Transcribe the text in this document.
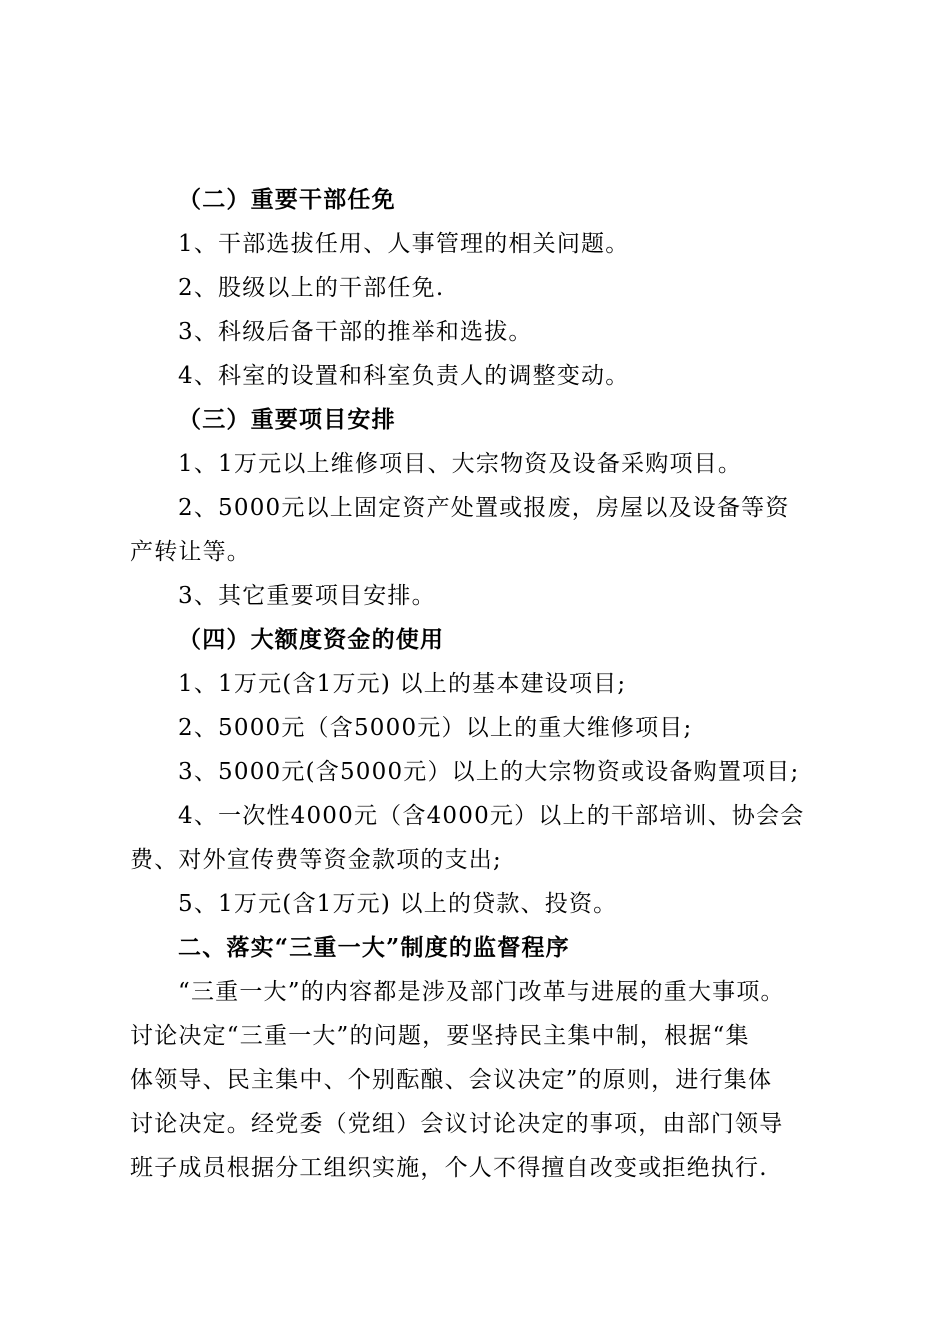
（二）重要干部任免
1、干部选拔任用、人事管理的相关问题。
2、股级以上的干部任免.
3、科级后备干部的推举和选拔。
4、科室的设置和科室负责人的调整变动。
（三）重要项目安排
1、1万元以上维修项目、大宗物资及设备采购项目。
2、5000元以上固定资产处置或报废，房屋以及设备等资
产转让等。
3、其它重要项目安排。
（四）大额度资金的使用
1、1万元(含1万元) 以上的基本建设项目;
2、5000元（含5000元）以上的重大维修项目;
3、5000元(含5000元）以上的大宗物资或设备购置项目;
4、一次性4000元（含4000元）以上的干部培训、协会会
费、对外宣传费等资金款项的支出;
5、1万元(含1万元) 以上的贷款、投资。
二、落实“三重一大”制度的监督程序
“三重一大”的内容都是涉及部门改革与进展的重大事项。
讨论决定“三重一大”的问题，要坚持民主集中制，根据“集
体领导、民主集中、个别酝酿、会议决定”的原则，进行集体
讨论决定。经党委（党组）会议讨论决定的事项，由部门领导
班子成员根据分工组织实施，个人不得擅自改变或拒绝执行.
